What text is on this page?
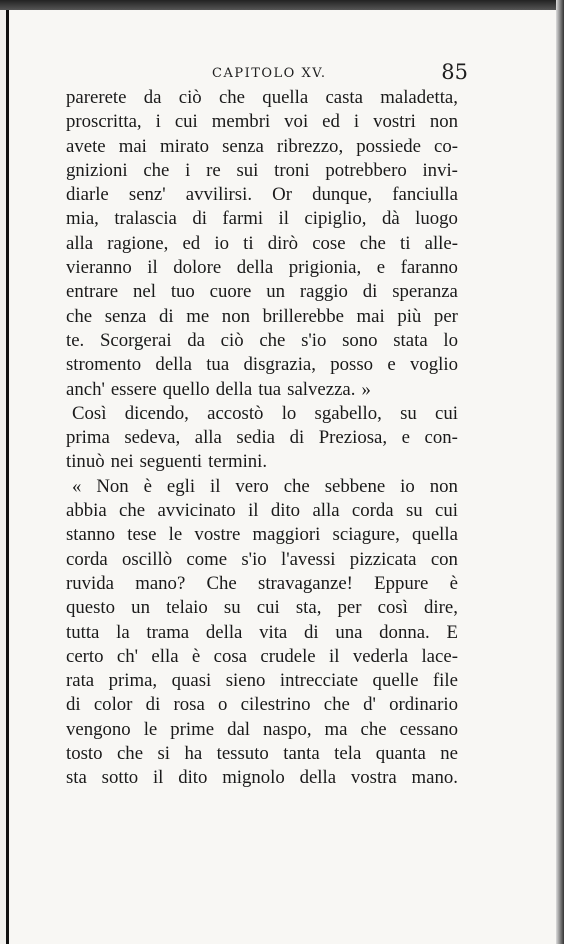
CAPITOLO XV.	85
parerete da ciò che quella casta maladetta,
proscritta, i cui membri voi ed i vostri non
avete mai mirato senza ribrezzo, possiede co-
gnizioni che i re sui troni potrebbero invi-
diarle senz' avvilirsi. Or dunque, fanciulla
mia, tralascia di farmi il cipiglio, dà luogo
alla ragione, ed io ti dirò cose che ti alle-
vieranno il dolore della prigionia, e faranno
entrare nel tuo cuore un raggio di speranza
che senza di me non brillerebbe mai più per
te. Scorgerai da ciò che s'io sono stata lo
stromento della tua disgrazia, posso e voglio
anch' essere quello della tua salvezza. »
Così dicendo, accostò lo sgabello, su cui
prima sedeva, alla sedia di Preziosa, e con-
tinuò nei seguenti termini.
« Non è egli il vero che sebbene io non
abbia che avvicinato il dito alla corda su cui
stanno tese le vostre maggiori sciagure, quella
corda oscillò come s'io l'avessi pizzicata con
ruvida mano? Che stravaganze! Eppure è
questo un telaio su cui sta, per così dire,
tutta la trama della vita di una donna. E
certo ch' ella è cosa crudele il vederla lace-
rata prima, quasi sieno intrecciate quelle file
di color di rosa o cilestrino che d' ordinario
vengono le prime dal naspo, ma che cessano
tosto che si ha tessuto tanta tela quanta ne
sta sotto il dito mignolo della vostra mano.
